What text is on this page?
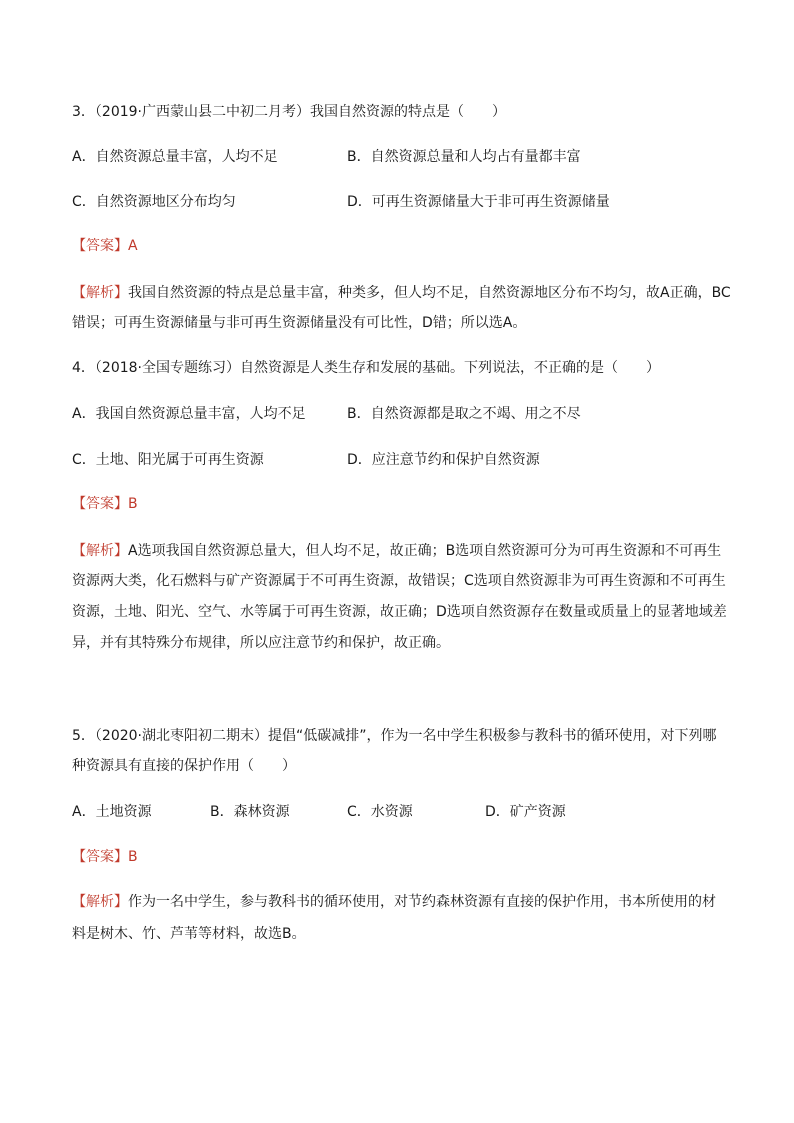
3．（2019·广西蒙山县二中初二月考）我国自然资源的特点是（　　）
A．自然资源总量丰富，人均不足	B．自然资源总量和人均占有量都丰富
C．自然资源地区分布均匀	D．可再生资源储量大于非可再生资源储量
【答案】A
【解析】我国自然资源的特点是总量丰富，种类多，但人均不足，自然资源地区分布不均匀，故A正确，BC
错误；可再生资源储量与非可再生资源储量没有可比性，D错；所以选A。
4．（2018·全国专题练习）自然资源是人类生存和发展的基础。下列说法，不正确的是（　　）
A．我国自然资源总量丰富，人均不足	B．自然资源都是取之不竭、用之不尽
C．土地、阳光属于可再生资源	D．应注意节约和保护自然资源
【答案】B
【解析】A选项我国自然资源总量大，但人均不足，故正确；B选项自然资源可分为可再生资源和不可再生
资源两大类，化石燃料与矿产资源属于不可再生资源，故错误；C选项自然资源非为可再生资源和不可再生
资源，土地、阳光、空气、水等属于可再生资源，故正确；D选项自然资源存在数量或质量上的显著地域差
异，并有其特殊分布规律，所以应注意节约和保护，故正确。
5．（2020·湖北枣阳初二期末）提倡“低碳减排”，作为一名中学生积极参与教科书的循环使用，对下列哪
种资源具有直接的保护作用（　　）
A．土地资源	B．森林资源	C．水资源	D．矿产资源
【答案】B
【解析】作为一名中学生，参与教科书的循环使用，对节约森林资源有直接的保护作用，书本所使用的材
料是树木、竹、芦苇等材料，故选B。
